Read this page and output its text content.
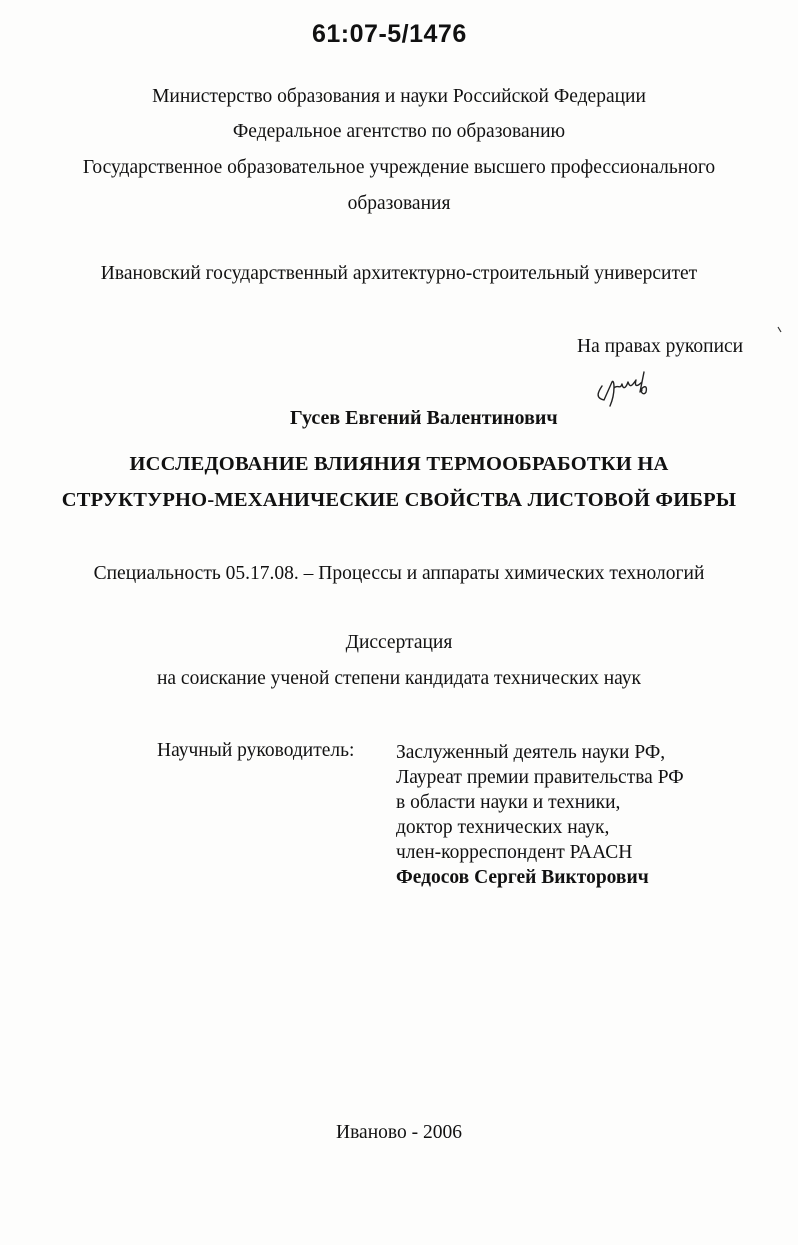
61:07-5/1476
Министерство образования и науки Российской Федерации
Федеральное агентство по образованию
Государственное образовательное учреждение высшего профессионального
образования
Ивановский государственный архитектурно-строительный университет
На правах рукописи
Гусев Евгений Валентинович
ИССЛЕДОВАНИЕ ВЛИЯНИЯ ТЕРМООБРАБОТКИ НА
СТРУКТУРНО-МЕХАНИЧЕСКИЕ СВОЙСТВА ЛИСТОВОЙ ФИБРЫ
Специальность 05.17.08. – Процессы и аппараты химических технологий
Диссертация
на соискание ученой степени кандидата технических наук
Научный руководитель: Заслуженный деятель науки РФ,
Лауреат премии правительства РФ
в области науки и техники,
доктор технических наук,
член-корреспондент РААСН
Федосов Сергей Викторович
Иваново - 2006
